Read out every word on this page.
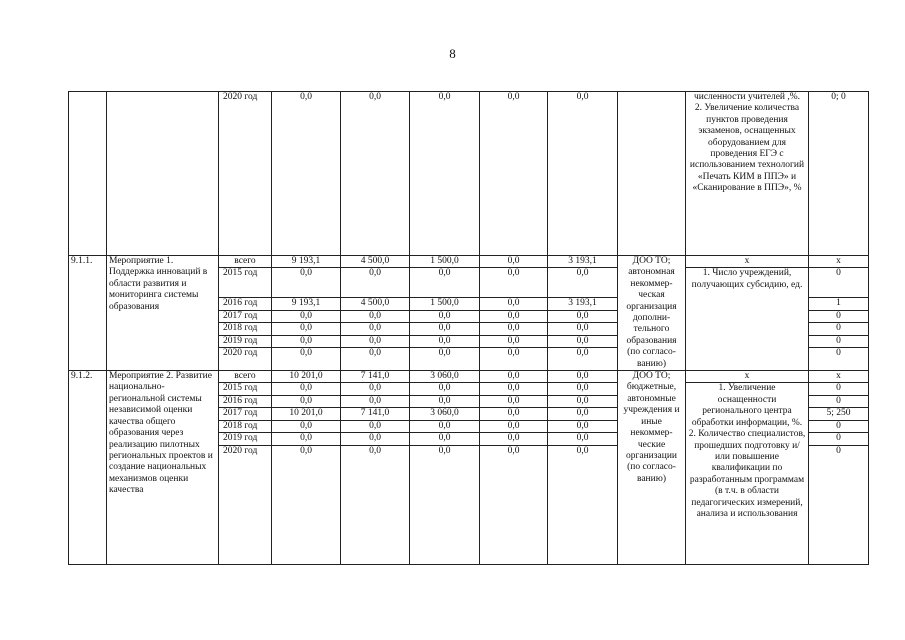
8
		2020 год	0,0	0,0	0,0	0,0	0,0		численности учителей ,%.
2. Увеличение количества пунктов проведения экзаменов, оснащенных оборудованием для проведения ЕГЭ с использованием технологий «Печать КИМ в ППЭ» и «Сканирование в ППЭ», %	0; 0
9.1.1.	Мероприятие 1. Поддержка инноваций в области развития и мониторинга системы образования	всего	9 193,1	4 500,0	1 500,0	0,0	3 193,1	ДОО ТО; автономная некоммер-ческая организация дополни-тельного образования (по согласо-ванию)	х	х
		2015 год	0,0	0,0	0,0	0,0	0,0		1. Число учреждений, получающих субсидию, ед.	0
		2016 год	9 193,1	4 500,0	1 500,0	0,0	3 193,1			1
		2017 год	0,0	0,0	0,0	0,0	0,0			0
		2018 год	0,0	0,0	0,0	0,0	0,0			0
		2019 год	0,0	0,0	0,0	0,0	0,0			0
		2020 год	0,0	0,0	0,0	0,0	0,0			0
9.1.2.	Мероприятие 2. Развитие национально-региональной системы независимой оценки качества общего образования через реализацию пилотных региональных проектов и создание национальных механизмов оценки качества	всего	10 201,0	7 141,0	3 060,0	0,0	0,0	ДОО ТО; бюджетные, автономные учреждения и иные некоммер-ческие организации (по согласо-ванию)	х	х
		2015 год	0,0	0,0	0,0	0,0	0,0		1. Увеличение оснащенности регионального центра обработки информации, %.
2. Количество специалистов, прошедших подготовку и/или повышение квалификации по разработанным программам (в т.ч. в области педагогических измерений, анализа и использования	0
		2016 год	0,0	0,0	0,0	0,0	0,0			0
		2017 год	10 201,0	7 141,0	3 060,0	0,0	0,0			5; 250
		2018 год	0,0	0,0	0,0	0,0	0,0			0
		2019 год	0,0	0,0	0,0	0,0	0,0			0
		2020 год	0,0	0,0	0,0	0,0	0,0			0
